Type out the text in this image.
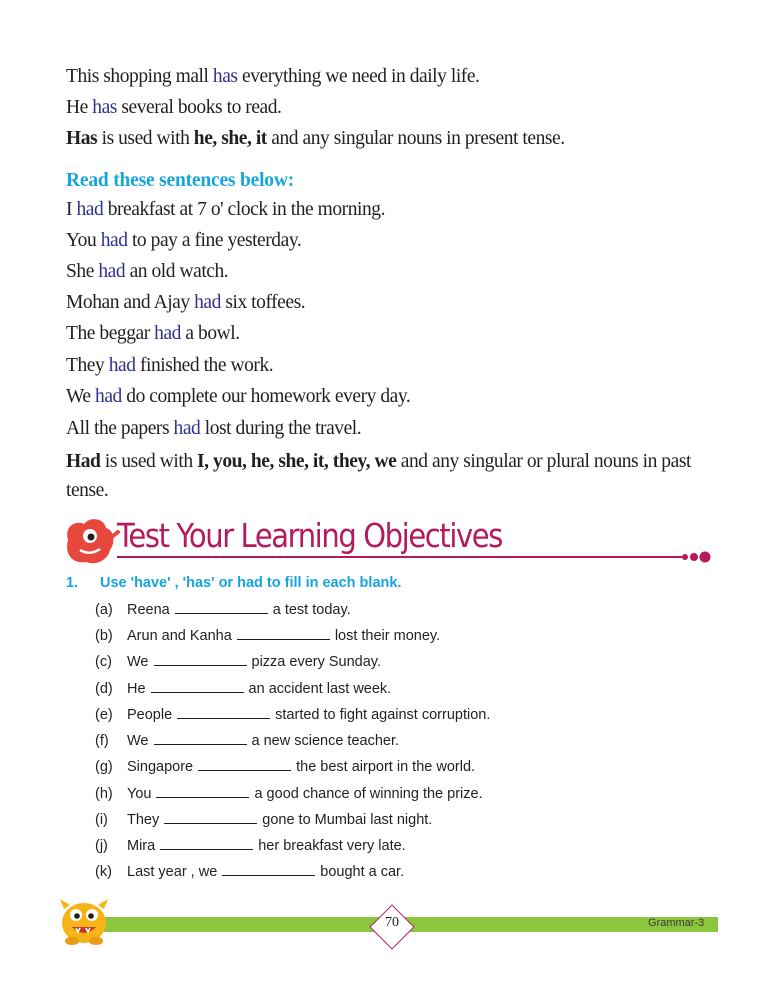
This shopping mall has everything we need in daily life.
He has several books to read.
Has is used with he, she, it and any singular nouns in present tense.
Read these sentences below:
I had breakfast at 7 o' clock in the morning.
You had to pay a fine yesterday.
She had an old watch.
Mohan and Ajay had six toffees.
The beggar had a bowl.
They had finished the work.
We had do complete our homework every day.
All the papers had lost during the travel.
Had is used with I, you, he, she, it, they, we and any singular or plural nouns in past tense.
Test Your Learning Objectives
1. Use 'have' , 'has' or had to fill in each blank.
(a) Reena	a test today.
(b) Arun and Kanha	lost their money.
(c) We	pizza every Sunday.
(d) He	an accident last week.
(e) People	started to fight against corruption.
(f) We	a new science teacher.
(g) Singapore	the best airport in the world.
(h) You	a good chance of winning the prize.
(i) They	gone to Mumbai last night.
(j) Mira	her breakfast very late.
(k) Last year , we	bought a car.
70	Grammar-3
